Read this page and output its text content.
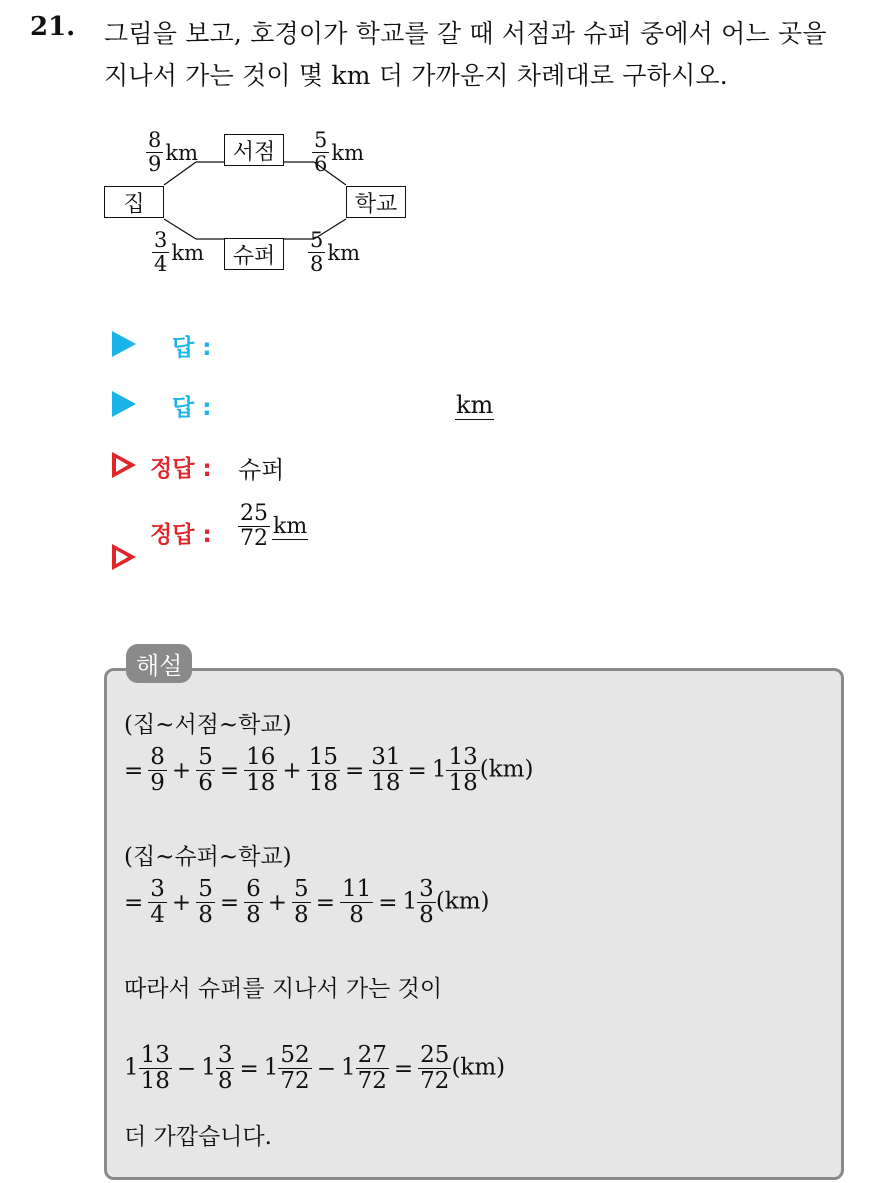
21. 그림을 보고, 호경이가 학교를 갈 때 서점과 슈퍼 중에서 어느 곳을
지나서 가는 것이 몇 km 더 가까운지 차례대로 구하시오.
집
서점
학교
슈퍼
$\frac{8}{9}$ km	$\frac{5}{6}$ km
$\frac{3}{4}$ km	$\frac{5}{8}$ km
답 :
답 :	km
정답 : 슈퍼
정답 : $\frac{25}{72}$ km
해설
(집~서점~학교)
= $\frac{8}{9} + \frac{5}{6} = \frac{16}{18} + \frac{15}{18} = \frac{31}{18} = 1 \frac{13}{18} (km)$
(집~슈퍼~학교)
= $\frac{3}{4} + \frac{5}{8} = \frac{6}{8} + \frac{5}{8} = \frac{11}{8} = 1 \frac{3}{8} (km)$
따라서 슈퍼를 지나서 가는 것이
$1 \frac{13}{18} - 1 \frac{3}{8} = 1 \frac{52}{72} - 1 \frac{27}{72} = \frac{25}{72} (km)$
더 가깝습니다.
